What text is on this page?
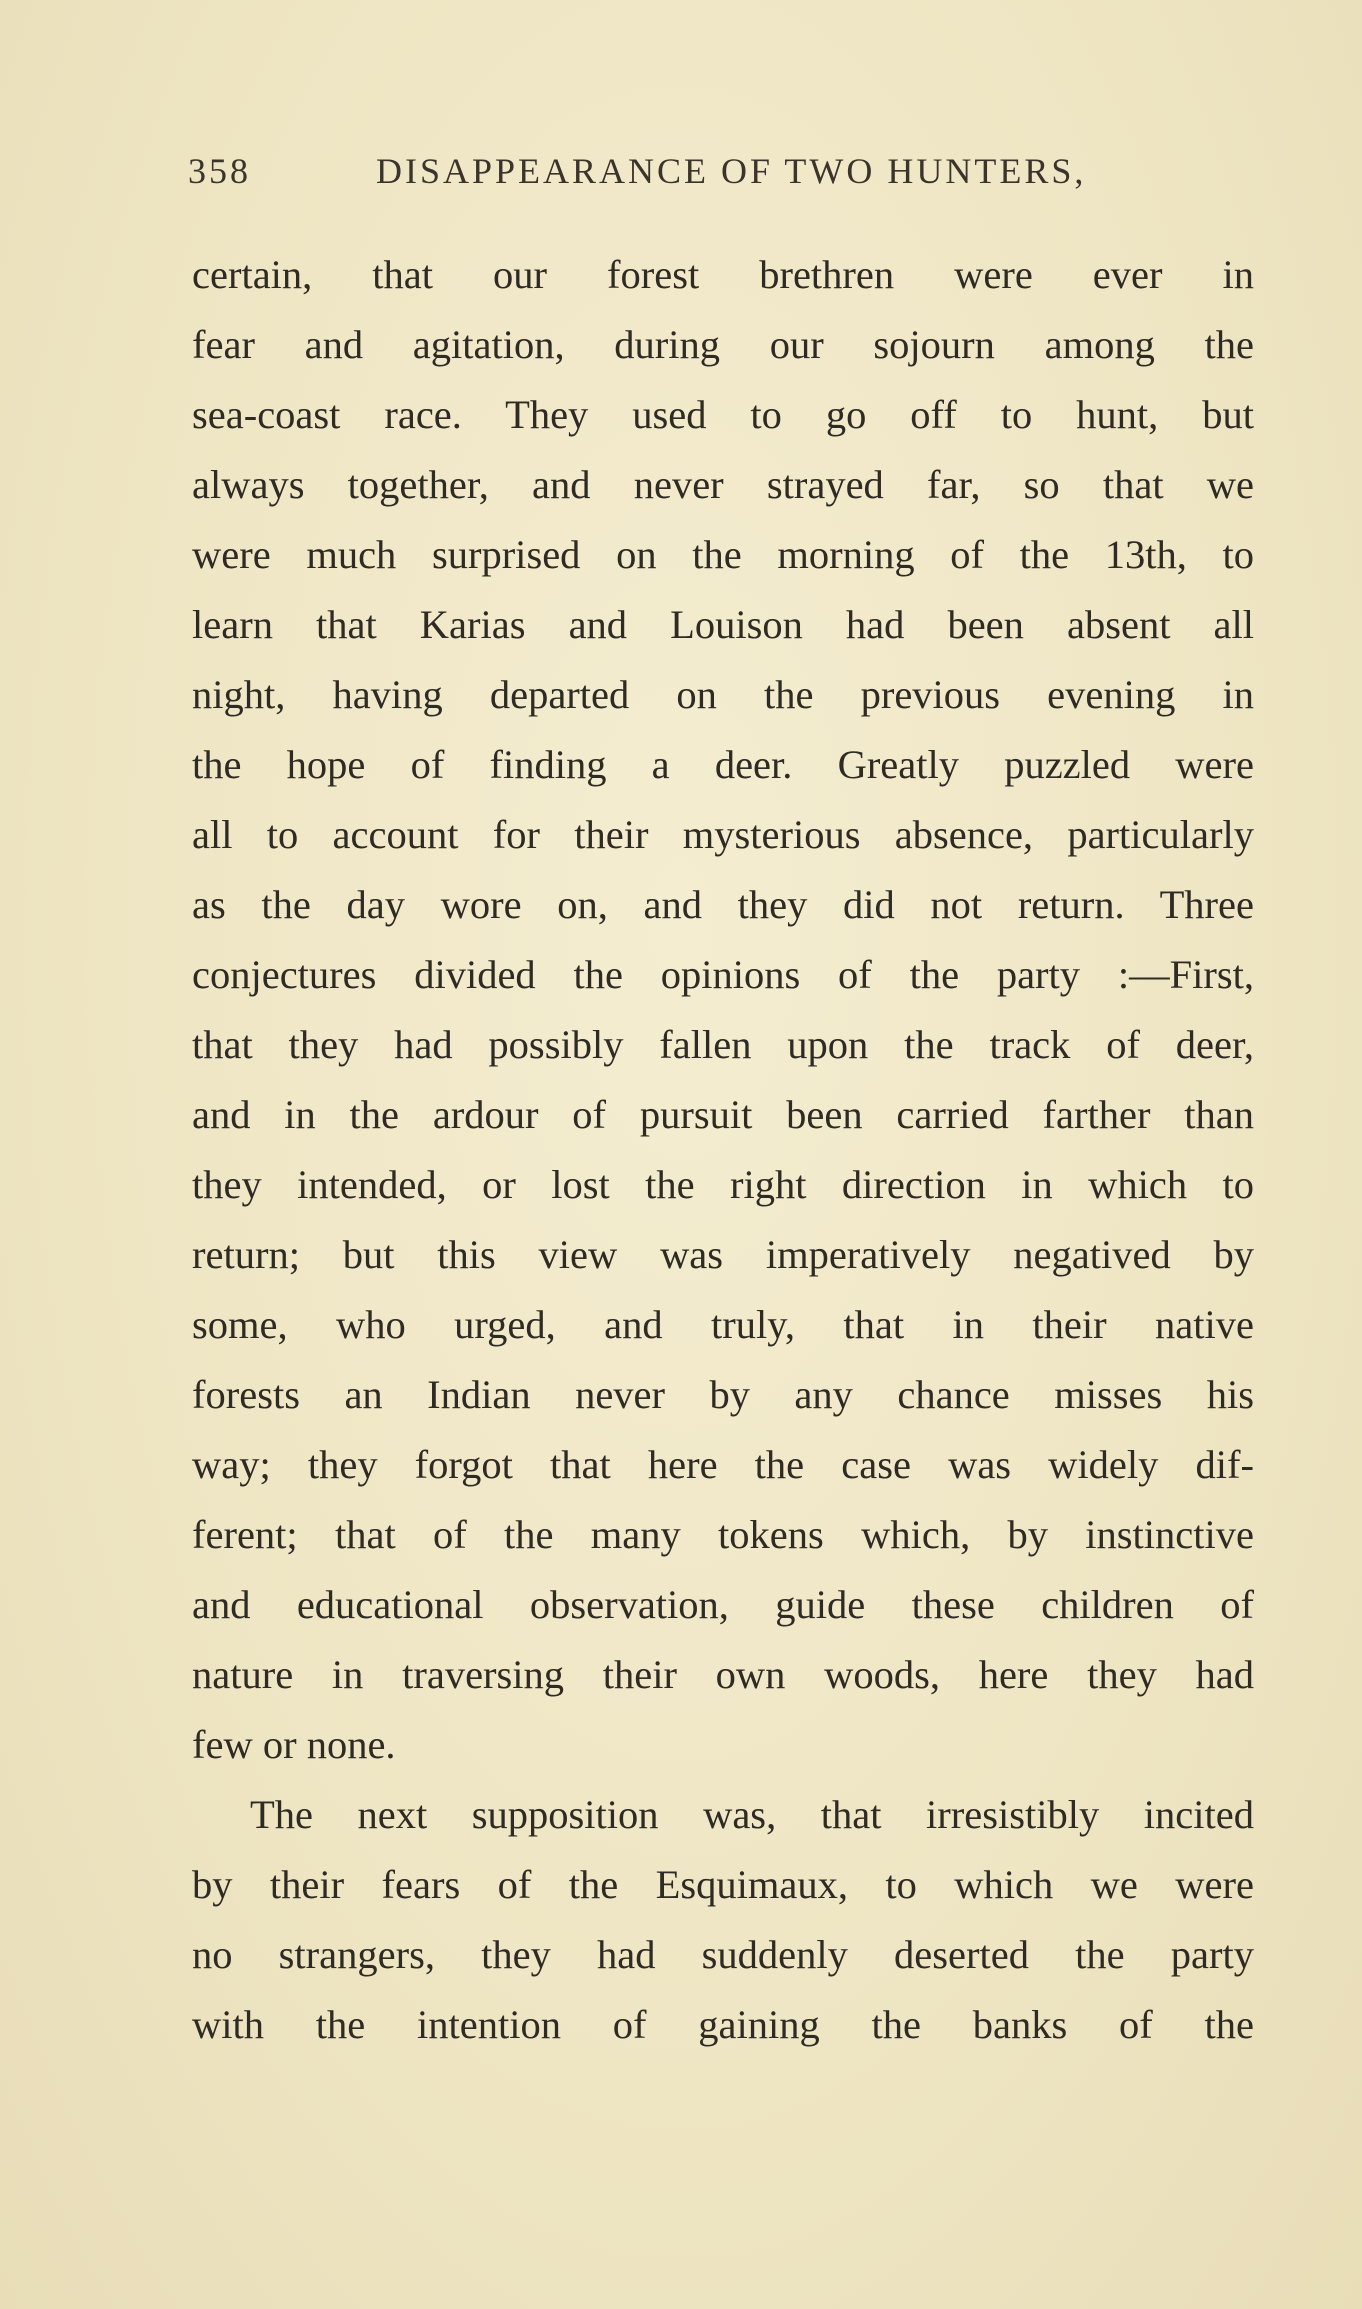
358	DISAPPEARANCE OF TWO HUNTERS,
certain, that our forest brethren were ever in
fear and agitation, during our sojourn among the
sea-coast race. They used to go off to hunt, but
always together, and never strayed far, so that we
were much surprised on the morning of the 13th, to
learn that Karias and Louison had been absent all
night, having departed on the previous evening in
the hope of finding a deer. Greatly puzzled were
all to account for their mysterious absence, particularly
as the day wore on, and they did not return. Three
conjectures divided the opinions of the party :—First,
that they had possibly fallen upon the track of deer,
and in the ardour of pursuit been carried farther than
they intended, or lost the right direction in which to
return; but this view was imperatively negatived by
some, who urged, and truly, that in their native
forests an Indian never by any chance misses his
way; they forgot that here the case was widely dif-
ferent; that of the many tokens which, by instinctive
and educational observation, guide these children of
nature in traversing their own woods, here they had
few or none.
The next supposition was, that irresistibly incited
by their fears of the Esquimaux, to which we were
no strangers, they had suddenly deserted the party
with the intention of gaining the banks of the
